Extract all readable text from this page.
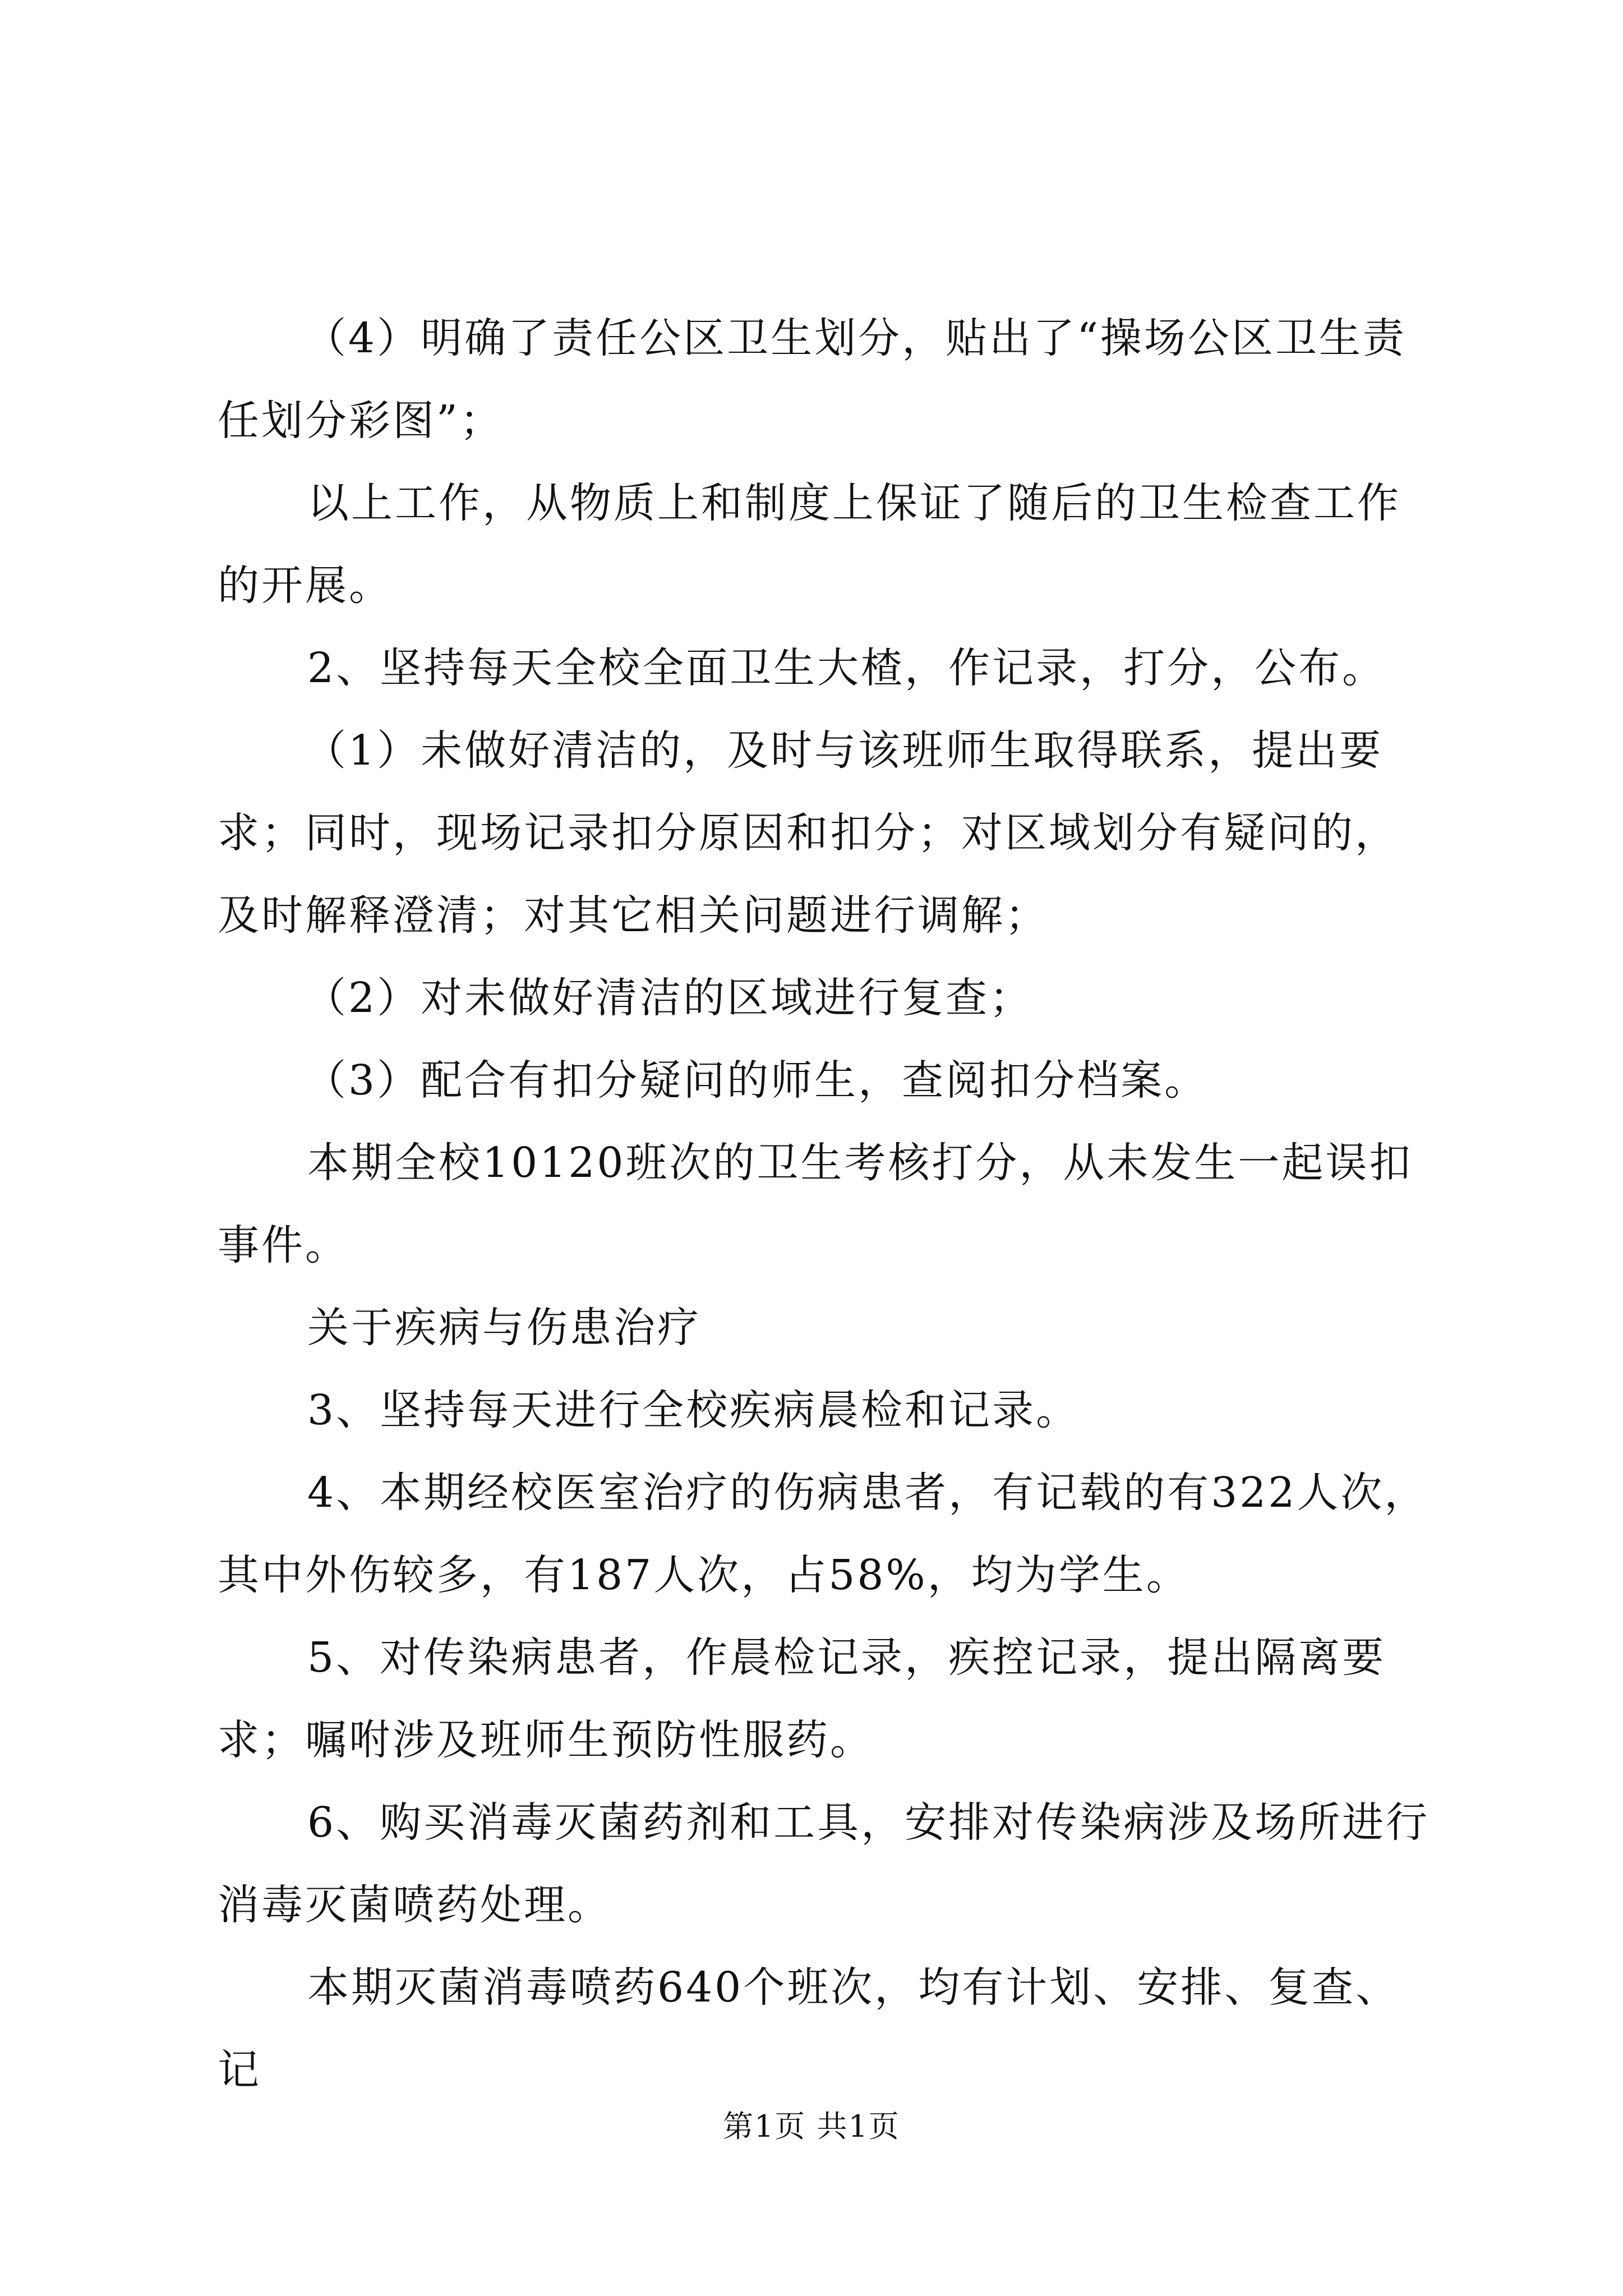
（4）明确了责任公区卫生划分，贴出了“操场公区卫生责任划分彩图”；

以上工作，从物质上和制度上保证了随后的卫生检查工作的开展。

2、坚持每天全校全面卫生大楂，作记录，打分，公布。

（1）未做好清洁的，及时与该班师生取得联系，提出要求；同时，现场记录扣分原因和扣分；对区域划分有疑问的，及时解释澄清；对其它相关问题进行调解；

（2）对未做好清洁的区域进行复查；

（3）配合有扣分疑问的师生，查阅扣分档案。

本期全校10120班次的卫生考核打分，从未发生一起误扣事件。

关于疾病与伤患治疗

3、坚持每天进行全校疾病晨检和记录。

4、本期经校医室治疗的伤病患者，有记载的有322人次，其中外伤较多，有187人次，占58%，均为学生。

5、对传染病患者，作晨检记录，疾控记录，提出隔离要求；嘱咐涉及班师生预防性服药。

6、购买消毒灭菌药剂和工具，安排对传染病涉及场所进行消毒灭菌喷药处理。

本期灭菌消毒喷药640个班次，均有计划、安排、复查、记

第1页 共1页
